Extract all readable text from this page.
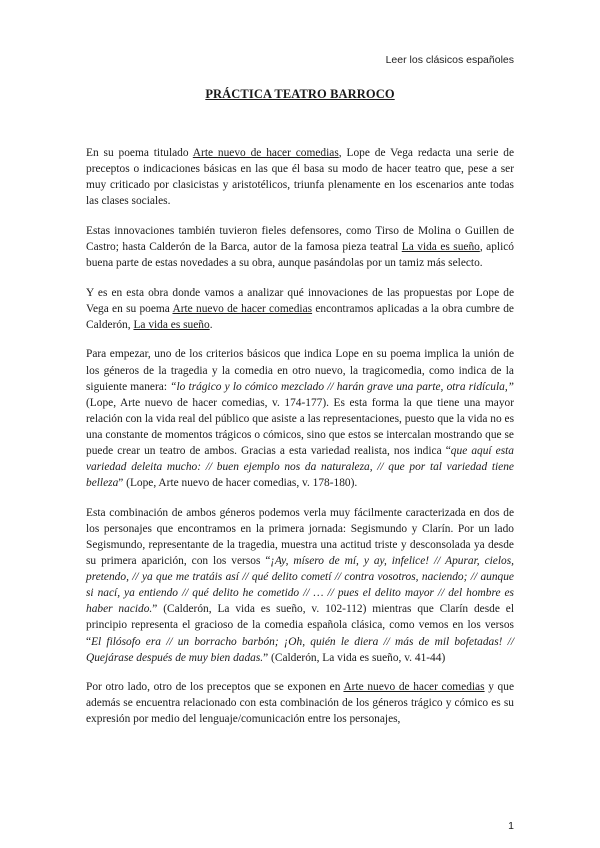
Leer los clásicos españoles
PRÁCTICA TEATRO BARROCO

En su poema titulado Arte nuevo de hacer comedias, Lope de Vega redacta una serie de preceptos o indicaciones básicas en las que él basa su modo de hacer teatro que, pese a ser muy criticado por clasicistas y aristotélicos, triunfa plenamente en los escenarios ante todas las clases sociales.

Estas innovaciones también tuvieron fieles defensores, como Tirso de Molina o Guillen de Castro; hasta Calderón de la Barca, autor de la famosa pieza teatral La vida es sueño, aplicó buena parte de estas novedades a su obra, aunque pasándolas por un tamiz más selecto.

Y es en esta obra donde vamos a analizar qué innovaciones de las propuestas por Lope de Vega en su poema Arte nuevo de hacer comedias encontramos aplicadas a la obra cumbre de Calderón, La vida es sueño.

Para empezar, uno de los criterios básicos que indica Lope en su poema implica la unión de los géneros de la tragedia y la comedia en otro nuevo, la tragicomedia, como indica de la siguiente manera: “lo trágico y lo cómico mezclado // harán grave una parte, otra ridícula,” (Lope, Arte nuevo de hacer comedias, v. 174-177). Es esta forma la que tiene una mayor relación con la vida real del público que asiste a las representaciones, puesto que la vida no es una constante de momentos trágicos o cómicos, sino que estos se intercalan mostrando que se puede crear un teatro de ambos. Gracias a esta variedad realista, nos indica “que aquí esta variedad deleita mucho: // buen ejemplo nos da naturaleza, // que por tal variedad tiene belleza” (Lope, Arte nuevo de hacer comedias, v. 178-180).

Esta combinación de ambos géneros podemos verla muy fácilmente caracterizada en dos de los personajes que encontramos en la primera jornada: Segismundo y Clarín. Por un lado Segismundo, representante de la tragedia, muestra una actitud triste y desconsolada ya desde su primera aparición, con los versos “¡Ay, mísero de mí, y ay, infelice! // Apurar, cielos, pretendo, // ya que me tratáis así // qué delito cometí // contra vosotros, naciendo; // aunque si nací, ya entiendo // qué delito he cometido // … // pues el delito mayor // del hombre es haber nacido.” (Calderón, La vida es sueño, v. 102-112) mientras que Clarín desde el principio representa el gracioso de la comedia española clásica, como vemos en los versos “El filósofo era // un borracho barbón; ¡Oh, quién le diera // más de mil bofetadas! // Quejárase después de muy bien dadas.” (Calderón, La vida es sueño, v. 41-44)

Por otro lado, otro de los preceptos que se exponen en Arte nuevo de hacer comedias y que además se encuentra relacionado con esta combinación de los géneros trágico y cómico es su expresión por medio del lenguaje/comunicación entre los personajes,

1
